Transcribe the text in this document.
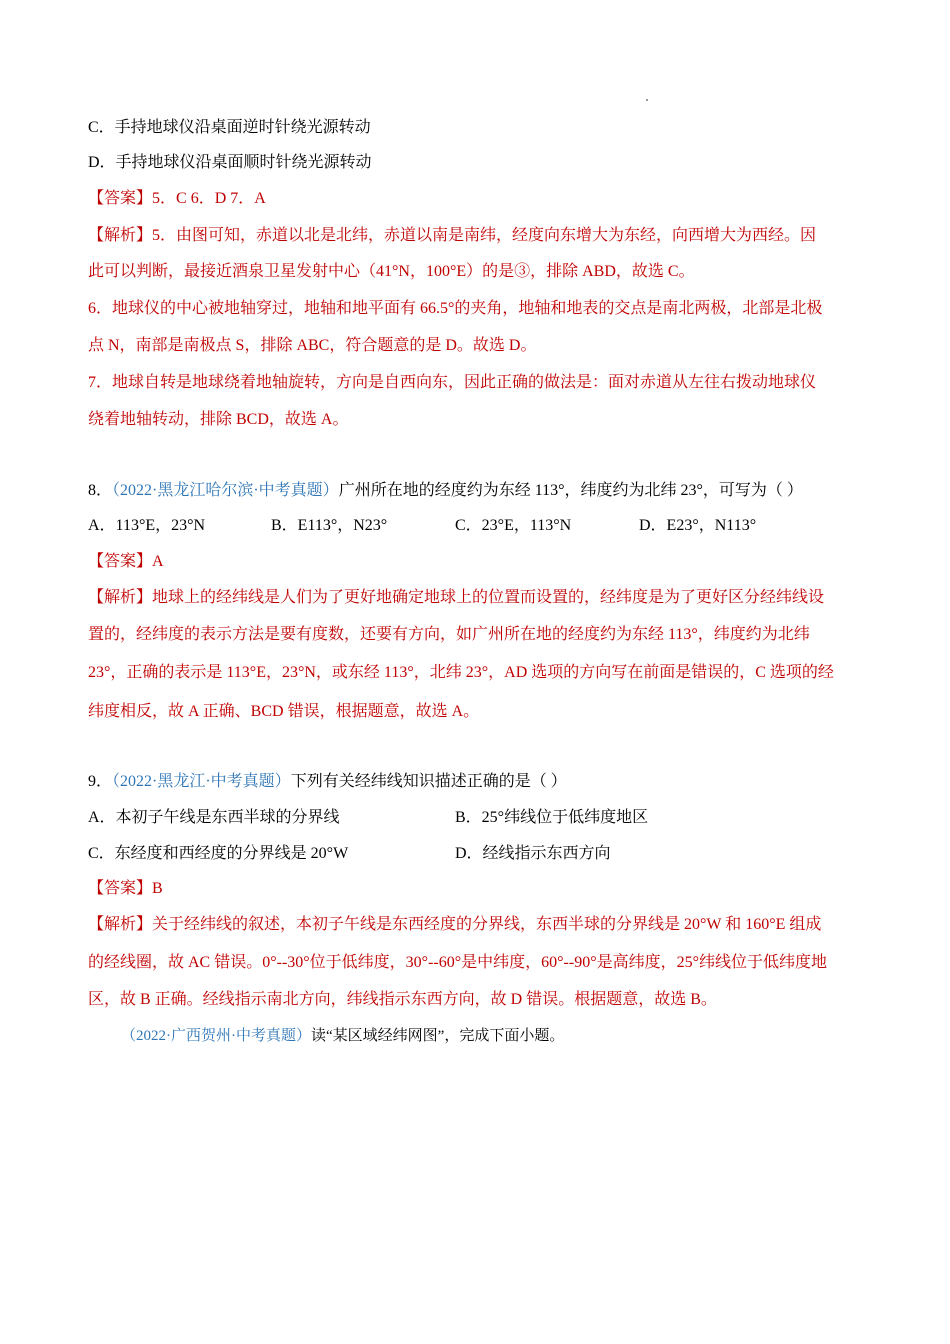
C．手持地球仪沿桌面逆时针绕光源转动
D．手持地球仪沿桌面顺时针绕光源转动
【答案】5．C 6．D 7．A
【解析】5．由图可知，赤道以北是北纬，赤道以南是南纬，经度向东增大为东经，向西增大为西经。因
此可以判断，最接近酒泉卫星发射中心（41°N，100°E）的是③，排除 ABD，故选 C。
6．地球仪的中心被地轴穿过，地轴和地平面有 66.5°的夹角，地轴和地表的交点是南北两极，北部是北极
点 N，南部是南极点 S，排除 ABC，符合题意的是 D。故选 D。
7．地球自转是地球绕着地轴旋转，方向是自西向东，因此正确的做法是：面对赤道从左往右拨动地球仪
绕着地轴转动，排除 BCD，故选 A。
8．（2022·黑龙江哈尔滨·中考真题）广州所在地的经度约为东经 113°，纬度约为北纬 23°，可写为（ ）
A．113°E，23°N	B．E113°，N23°	C．23°E，113°N	D．E23°，N113°
【答案】A
【解析】地球上的经纬线是人们为了更好地确定地球上的位置而设置的，经纬度是为了更好区分经纬线设
置的，经纬度的表示方法是要有度数，还要有方向，如广州所在地的经度约为东经 113°，纬度约为北纬
23°，正确的表示是 113°E，23°N，或东经 113°，北纬 23°，AD 选项的方向写在前面是错误的，C 选项的经
纬度相反，故 A 正确、BCD 错误，根据题意，故选 A。
9．（2022·黑龙江·中考真题）下列有关经纬线知识描述正确的是（ ）
A．本初子午线是东西半球的分界线	B．25°纬线位于低纬度地区
C．东经度和西经度的分界线是 20°W	D．经线指示东西方向
【答案】B
【解析】关于经纬线的叙述，本初子午线是东西经度的分界线，东西半球的分界线是 20°W 和 160°E 组成
的经线圈，故 AC 错误。0°--30°位于低纬度，30°--60°是中纬度，60°--90°是高纬度，25°纬线位于低纬度地
区，故 B 正确。经线指示南北方向，纬线指示东西方向，故 D 错误。根据题意，故选 B。
（2022·广西贺州·中考真题）读“某区域经纬网图”，完成下面小题。
